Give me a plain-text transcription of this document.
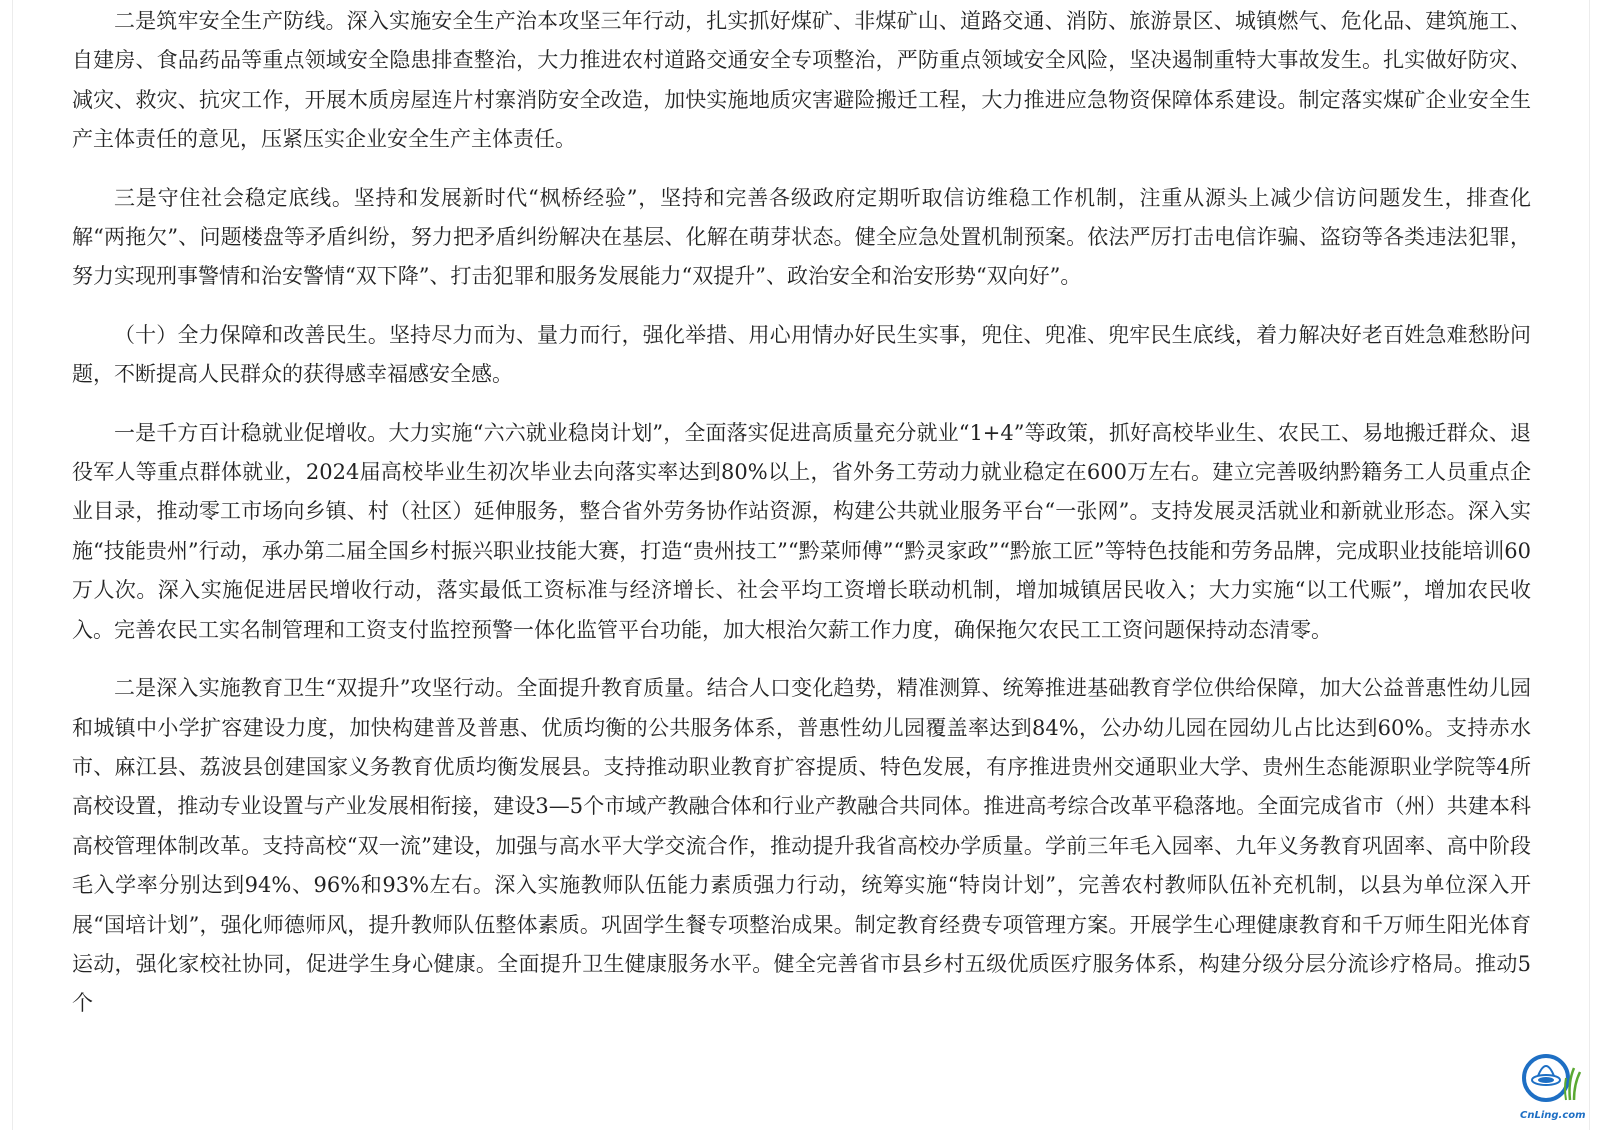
二是筑牢安全生产防线。深入实施安全生产治本攻坚三年行动，扎实抓好煤矿、非煤矿山、道路交通、消防、旅游景区、城镇燃气、危化品、建筑施工、自建房、食品药品等重点领域安全隐患排查整治，大力推进农村道路交通安全专项整治，严防重点领域安全风险，坚决遏制重特大事故发生。扎实做好防灾、减灾、救灾、抗灾工作，开展木质房屋连片村寨消防安全改造，加快实施地质灾害避险搬迁工程，大力推进应急物资保障体系建设。制定落实煤矿企业安全生产主体责任的意见，压紧压实企业安全生产主体责任。

三是守住社会稳定底线。坚持和发展新时代“枫桥经验”，坚持和完善各级政府定期听取信访维稳工作机制，注重从源头上减少信访问题发生，排查化解“两拖欠”、问题楼盘等矛盾纠纷，努力把矛盾纠纷解决在基层、化解在萌芽状态。健全应急处置机制预案。依法严厉打击电信诈骗、盗窃等各类违法犯罪，努力实现刑事警情和治安警情“双下降”、打击犯罪和服务发展能力“双提升”、政治安全和治安形势“双向好”。

（十）全力保障和改善民生。坚持尽力而为、量力而行，强化举措、用心用情办好民生实事，兜住、兜准、兜牢民生底线，着力解决好老百姓急难愁盼问题，不断提高人民群众的获得感幸福感安全感。

一是千方百计稳就业促增收。大力实施“六六就业稳岗计划”，全面落实促进高质量充分就业“1+4”等政策，抓好高校毕业生、农民工、易地搬迁群众、退役军人等重点群体就业，2024届高校毕业生初次毕业去向落实率达到80%以上，省外务工劳动力就业稳定在600万左右。建立完善吸纳黔籍务工人员重点企业目录，推动零工市场向乡镇、村（社区）延伸服务，整合省外劳务协作站资源，构建公共就业服务平台“一张网”。支持发展灵活就业和新就业形态。深入实施“技能贵州”行动，承办第二届全国乡村振兴职业技能大赛，打造“贵州技工”“黔菜师傅”“黔灵家政”“黔旅工匠”等特色技能和劳务品牌，完成职业技能培训60万人次。深入实施促进居民增收行动，落实最低工资标准与经济增长、社会平均工资增长联动机制，增加城镇居民收入；大力实施“以工代赈”，增加农民收入。完善农民工实名制管理和工资支付监控预警一体化监管平台功能，加大根治欠薪工作力度，确保拖欠农民工工资问题保持动态清零。

二是深入实施教育卫生“双提升”攻坚行动。全面提升教育质量。结合人口变化趋势，精准测算、统筹推进基础教育学位供给保障，加大公益普惠性幼儿园和城镇中小学扩容建设力度，加快构建普及普惠、优质均衡的公共服务体系，普惠性幼儿园覆盖率达到84%，公办幼儿园在园幼儿占比达到60%。支持赤水市、麻江县、荔波县创建国家义务教育优质均衡发展县。支持推动职业教育扩容提质、特色发展，有序推进贵州交通职业大学、贵州生态能源职业学院等4所高校设置，推动专业设置与产业发展相衔接，建设3—5个市域产教融合体和行业产教融合共同体。推进高考综合改革平稳落地。全面完成省市（州）共建本科高校管理体制改革。支持高校“双一流”建设，加强与高水平大学交流合作，推动提升我省高校办学质量。学前三年毛入园率、九年义务教育巩固率、高中阶段毛入学率分别达到94%、96%和93%左右。深入实施教师队伍能力素质强力行动，统筹实施“特岗计划”，完善农村教师队伍补充机制，以县为单位深入开展“国培计划”，强化师德师风，提升教师队伍整体素质。巩固学生餐专项整治成果。制定教育经费专项管理方案。开展学生心理健康教育和千万师生阳光体育运动，强化家校社协同，促进学生身心健康。全面提升卫生健康服务水平。健全完善省市县乡村五级优质医疗服务体系，构建分级分层分流诊疗格局。推动5个

CnLing.com
